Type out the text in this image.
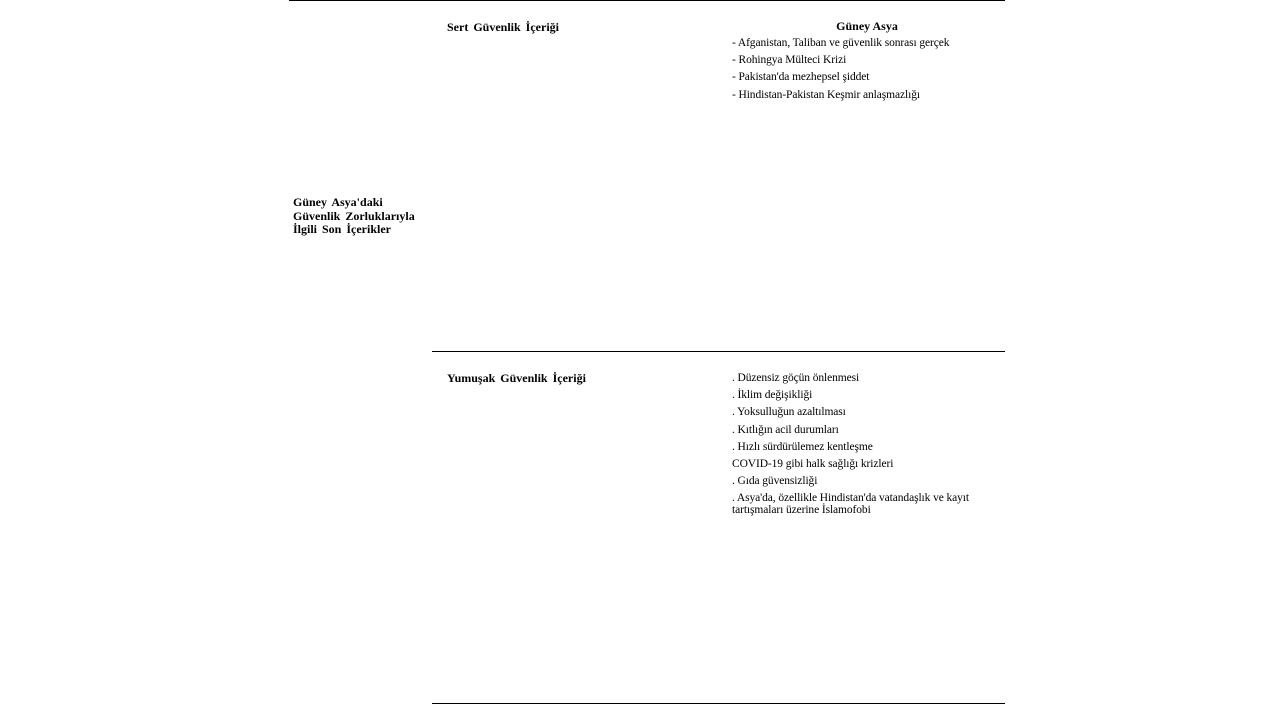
Güney Asya'daki Güvenlik Zorluklarıyla İlgili Son İçerikler
Sert Güvenlik İçeriği	Güney Asya
- Afganistan, Taliban ve güvenlik sonrası gerçek
- Rohingya Mülteci Krizi
- Pakistan'da mezhepsel şiddet
- Hindistan-Pakistan Keşmir anlaşmazlığı
Yumuşak Güvenlik İçeriği	. Düzensiz göçün önlenmesi
. İklim değişikliği
. Yoksulluğun azaltılması
. Kıtlığın acil durumları
. Hızlı sürdürülemez kentleşme
COVID-19 gibi halk sağlığı krizleri
. Gıda güvensizliği
. Asya'da, özellikle Hindistan'da vatandaşlık ve kayıt tartışmaları üzerine İslamofobi
